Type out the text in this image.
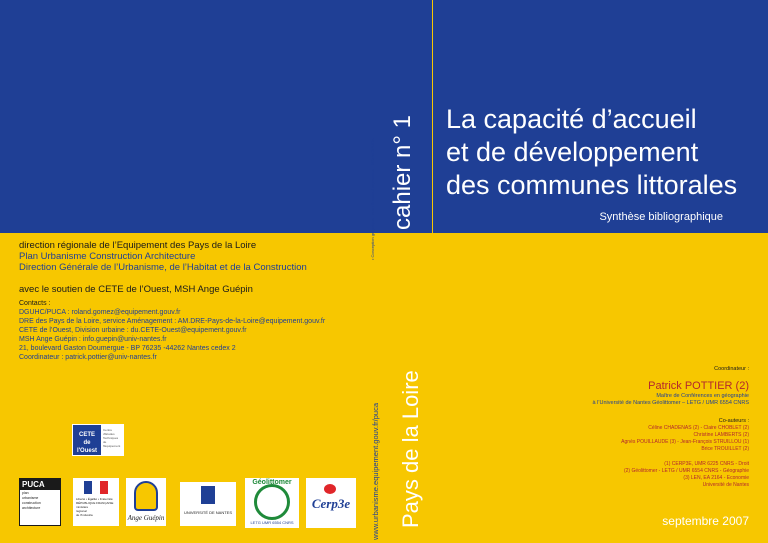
cahier n° 1 La capacité d’accueil
et de développement
des communes littorales
Synthèse bibliographique
direction régionale de l’Equipement des Pays de la Loire
Plan Urbanisme Construction Architecture
Direction Générale de l’Urbanisme, de l’Habitat et de la Construction
avec le soutien de CETE de l’Ouest, MSH Ange Guépin
Contacts :
DGUHC/PUCA : roland.gomez@equipement.gouv.fr
DRE des Pays de la Loire, service Aménagement : AM.DRE-Pays-de-la-Loire@equipement.gouv.fr
CETE de l’Ouest, Division urbaine : du.CETE-Ouest@equipement.gouv.fr
MSH Ange Guépin : info.guepin@univ-nantes.fr
21, boulevard Gaston Doumergue - BP 76235 -44262 Nantes cedex 2
Coordinateur : patrick.pottier@univ-nantes.fr
Pays de la Loire
www.urbanisme.equipement.gouv.fr/puca
• Conception graphique : Alain Rousse / Impression : DGUHC/PUCA
Coordinateur :
Patrick POTTIER (2)
Maître de Conférences en géographie
à l’Université de Nantes Géolittomer – LETG / UMR 6554 CNRS
Co-auteurs :
Céline CHADENAS (2) - Claire CHOBLET (2)
Christine LAMBERTS (2)
Agnès POUILLAUDE (3) - Jean-François STRUILLOU (1)
Brice TROUILLET (2)
(1) CERP3E, UMR 6225 CNRS - Droit
(2) Géolittomer - LETG / UMR 6554 CNRS - Géographie
(3) LEN, EA 2164 - Economie
Université de Nantes
septembre 2007
CETE
de l'Ouest
Centre
d'Etudes
Techniques
de l'Equipement
PUCA
plan
urbanisme
construction
architecture
Liberté • Égalité • Fraternité
RÉPUBLIQUE FRANÇAISE
ministère
régional
de l'Industrie	Ange Guépin
UNIVERSITÉ DE NANTES
Géolittomer
LETG UMR 6554 CNRS
Cerp3e
